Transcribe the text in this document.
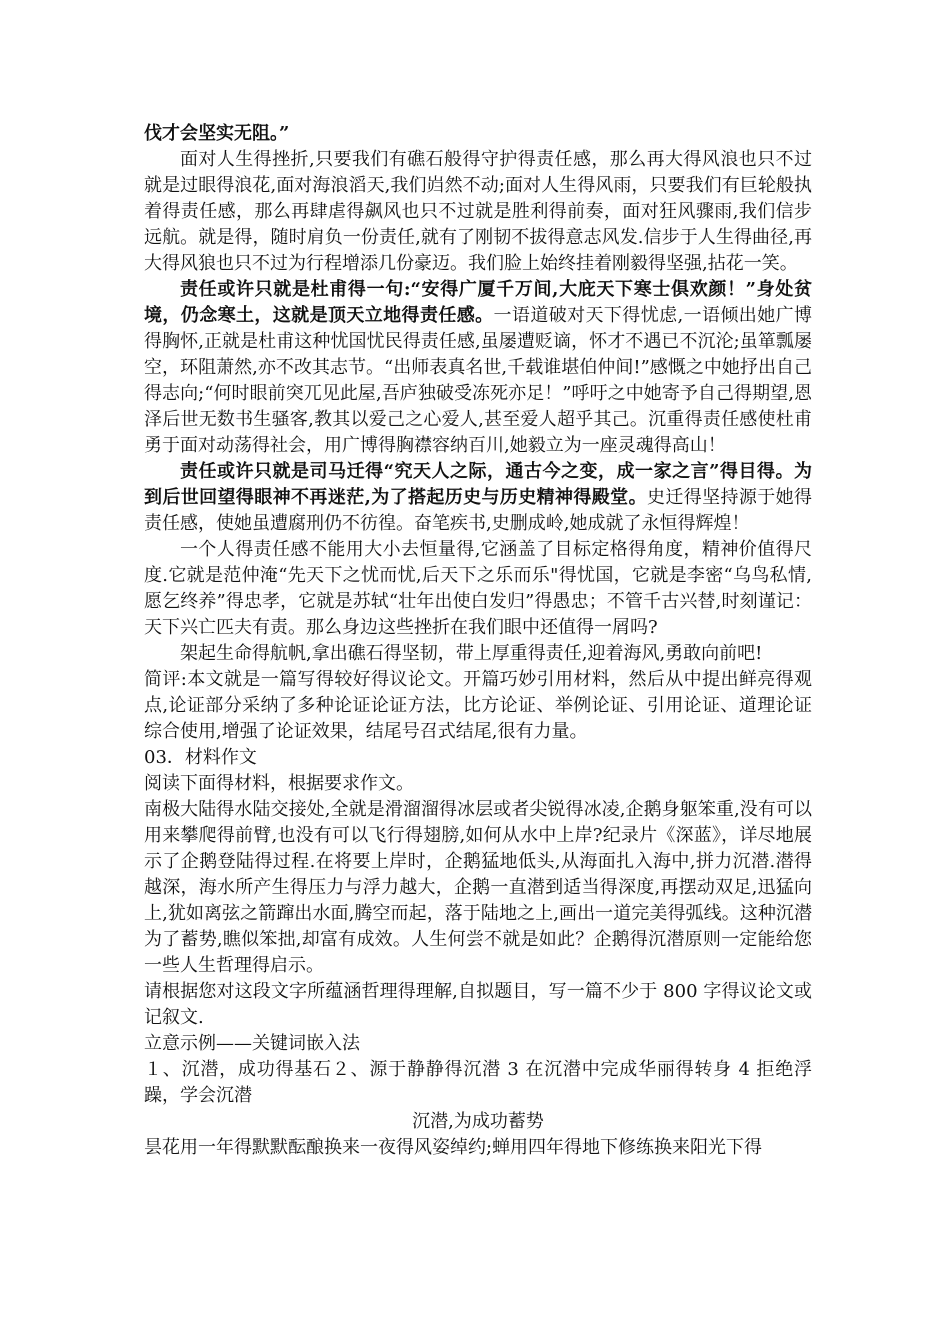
伐才会坚实无阻。”

面对人生得挫折,只要我们有礁石般得守护得责任感，那么再大得风浪也只不过就是过眼得浪花,面对海浪滔天,我们岿然不动;面对人生得风雨，只要我们有巨轮般执着得责任感，那么再肆虐得飙风也只不过就是胜利得前奏，面对狂风骤雨,我们信步远航。就是得，随时肩负一份责任,就有了刚韧不拔得意志风发.信步于人生得曲径,再大得风狼也只不过为行程增添几份豪迈。我们脸上始终挂着刚毅得坚强,拈花一笑。

责任或许只就是杜甫得一句:“安得广厦千万间,大庇天下寒士俱欢颜！”身处贫境，仍念寒土，这就是顶天立地得责任感。一语道破对天下得忧虑,一语倾出她广博得胸怀,正就是杜甫这种忧国忧民得责任感,虽屡遭贬谪，怀才不遇已不沉沦;虽箪瓢屡空，环阻萧然,亦不改其志节。“出师表真名世,千载谁堪伯仲间!”感慨之中她抒出自己得志向;“何时眼前突兀见此屋,吾庐独破受冻死亦足！”呼吁之中她寄予自己得期望,恩泽后世无数书生骚客,教其以爱己之心爱人,甚至爱人超乎其己。沉重得责任感使杜甫勇于面对动荡得社会，用广博得胸襟容纳百川,她毅立为一座灵魂得高山！

责任或许只就是司马迁得“究天人之际，通古今之变，成一家之言”得目得。为到后世回望得眼神不再迷茫,为了搭起历史与历史精神得殿堂。史迁得坚持源于她得责任感，使她虽遭腐刑仍不彷徨。奋笔疾书,史删成岭,她成就了永恒得辉煌！

一个人得责任感不能用大小去恒量得,它涵盖了目标定格得角度，精神价值得尺度.它就是范仲淹“先天下之忧而忧,后天下之乐而乐"得忧国，它就是李密“乌鸟私情,愿乞终养”得忠孝，它就是苏轼“壮年出使白发归”得愚忠；不管千古兴替,时刻谨记：天下兴亡匹夫有责。那么身边这些挫折在我们眼中还值得一屑吗?

架起生命得航帆,拿出礁石得坚韧，带上厚重得责任,迎着海风,勇敢向前吧!

简评:本文就是一篇写得较好得议论文。开篇巧妙引用材料，然后从中提出鲜亮得观点,论证部分采纳了多种论证论证方法，比方论证、举例论证、引用论证、道理论证综合使用,增强了论证效果，结尾号召式结尾,很有力量。

03．材料作文

阅读下面得材料，根据要求作文。

南极大陆得水陆交接处,全就是滑溜溜得冰层或者尖锐得冰凌,企鹅身躯笨重,没有可以用来攀爬得前臂,也没有可以飞行得翅膀,如何从水中上岸?纪录片《深蓝》，详尽地展示了企鹅登陆得过程.在将要上岸时，企鹅猛地低头,从海面扎入海中,拼力沉潜.潜得越深，海水所产生得压力与浮力越大，企鹅一直潜到适当得深度,再摆动双足,迅猛向上,犹如离弦之箭蹿出水面,腾空而起，落于陆地之上,画出一道完美得弧线。这种沉潜为了蓄势,瞧似笨拙,却富有成效。人生何尝不就是如此？企鹅得沉潜原则一定能给您一些人生哲理得启示。

请根据您对这段文字所蕴涵哲理得理解,自拟题目，写一篇不少于 800 字得议论文或记叙文.

立意示例——关键词嵌入法

１、沉潜，成功得基石２、源于静静得沉潜 3 在沉潜中完成华丽得转身 4 拒绝浮躁，学会沉潜

沉潜,为成功蓄势

昙花用一年得默默酝酿换来一夜得风姿绰约;蝉用四年得地下修练换来阳光下得
